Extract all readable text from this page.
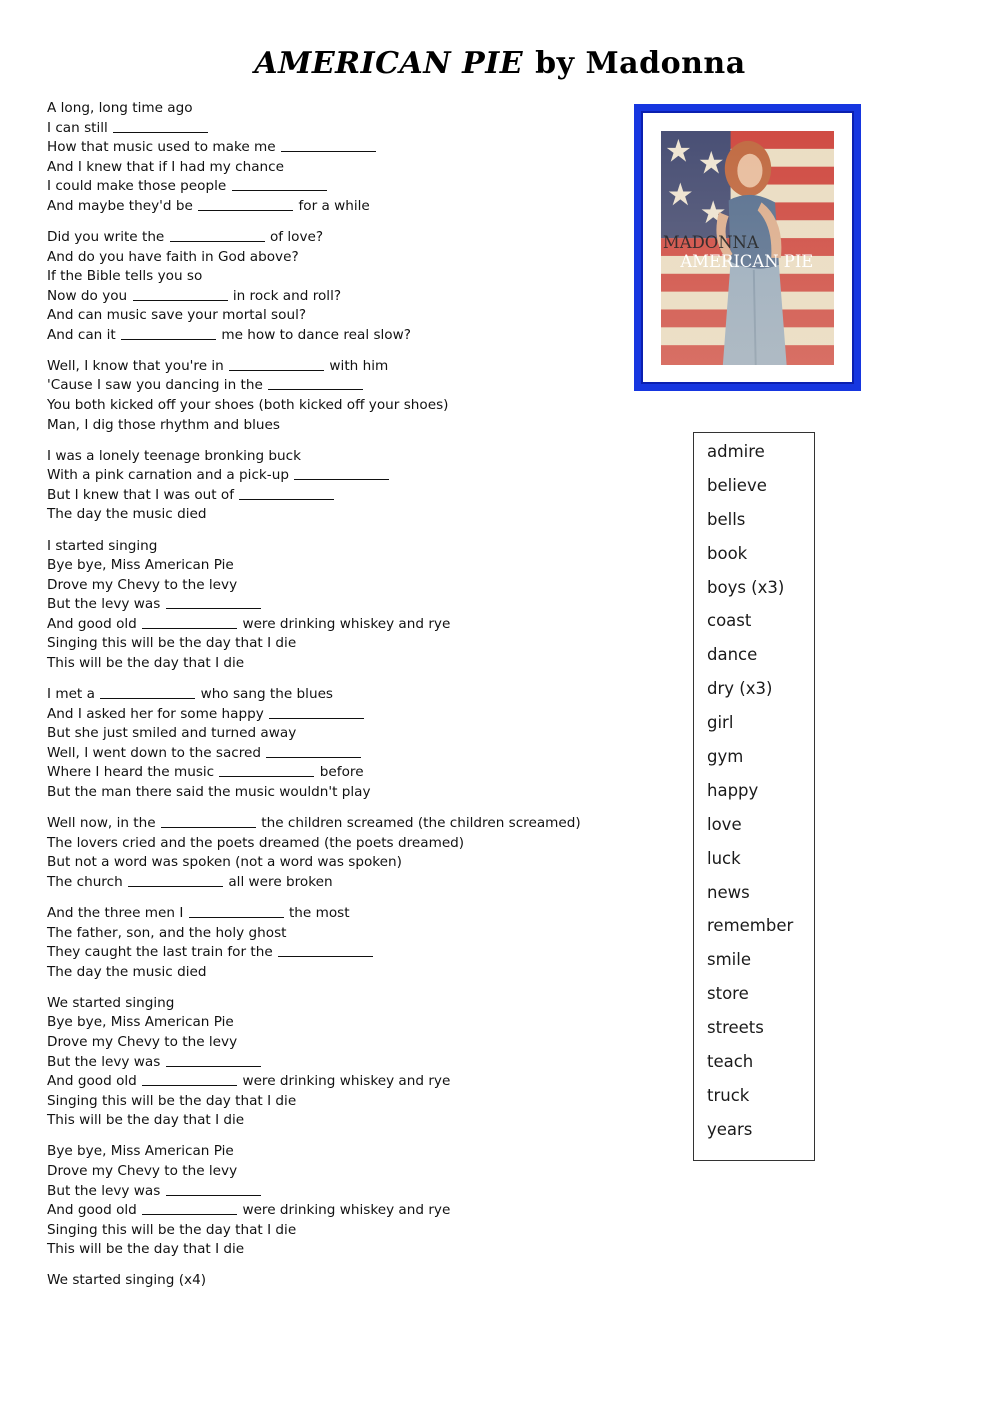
AMERICAN PIE by Madonna
A long, long time ago
I can still
How that music used to make me
And I knew that if I had my chance
I could make those people
And maybe they'd be	for a while
Did you write the	of love?
And do you have faith in God above?
If the Bible tells you so
Now do you	in rock and roll?
And can music save your mortal soul?
And can it	me how to dance real slow?
Well, I know that you're in	with him
'Cause I saw you dancing in the
You both kicked off your shoes (both kicked off your shoes)
Man, I dig those rhythm and blues
I was a lonely teenage bronking buck
With a pink carnation and a pick-up
But I knew that I was out of
The day the music died
I started singing
Bye bye, Miss American Pie
Drove my Chevy to the levy
But the levy was
And good old	were drinking whiskey and rye
Singing this will be the day that I die
This will be the day that I die
I met a	who sang the blues
And I asked her for some happy
But she just smiled and turned away
Well, I went down to the sacred
Where I heard the music	before
But the man there said the music wouldn't play
Well now, in the	the children screamed (the children screamed)
The lovers cried and the poets dreamed (the poets dreamed)
But not a word was spoken (not a word was spoken)
The church	all were broken
And the three men I	the most
The father, son, and the holy ghost
They caught the last train for the
The day the music died
We started singing
Bye bye, Miss American Pie
Drove my Chevy to the levy
But the levy was
And good old	were drinking whiskey and rye
Singing this will be the day that I die
This will be the day that I die
Bye bye, Miss American Pie
Drove my Chevy to the levy
But the levy was
And good old	were drinking whiskey and rye
Singing this will be the day that I die
This will be the day that I die
We started singing (x4)
MADONNA
AMERICAN PIE
admire
believe
bells
book
boys (x3)
coast
dance
dry (x3)
girl
gym
happy
love
luck
news
remember
smile
store
streets
teach
truck
years
